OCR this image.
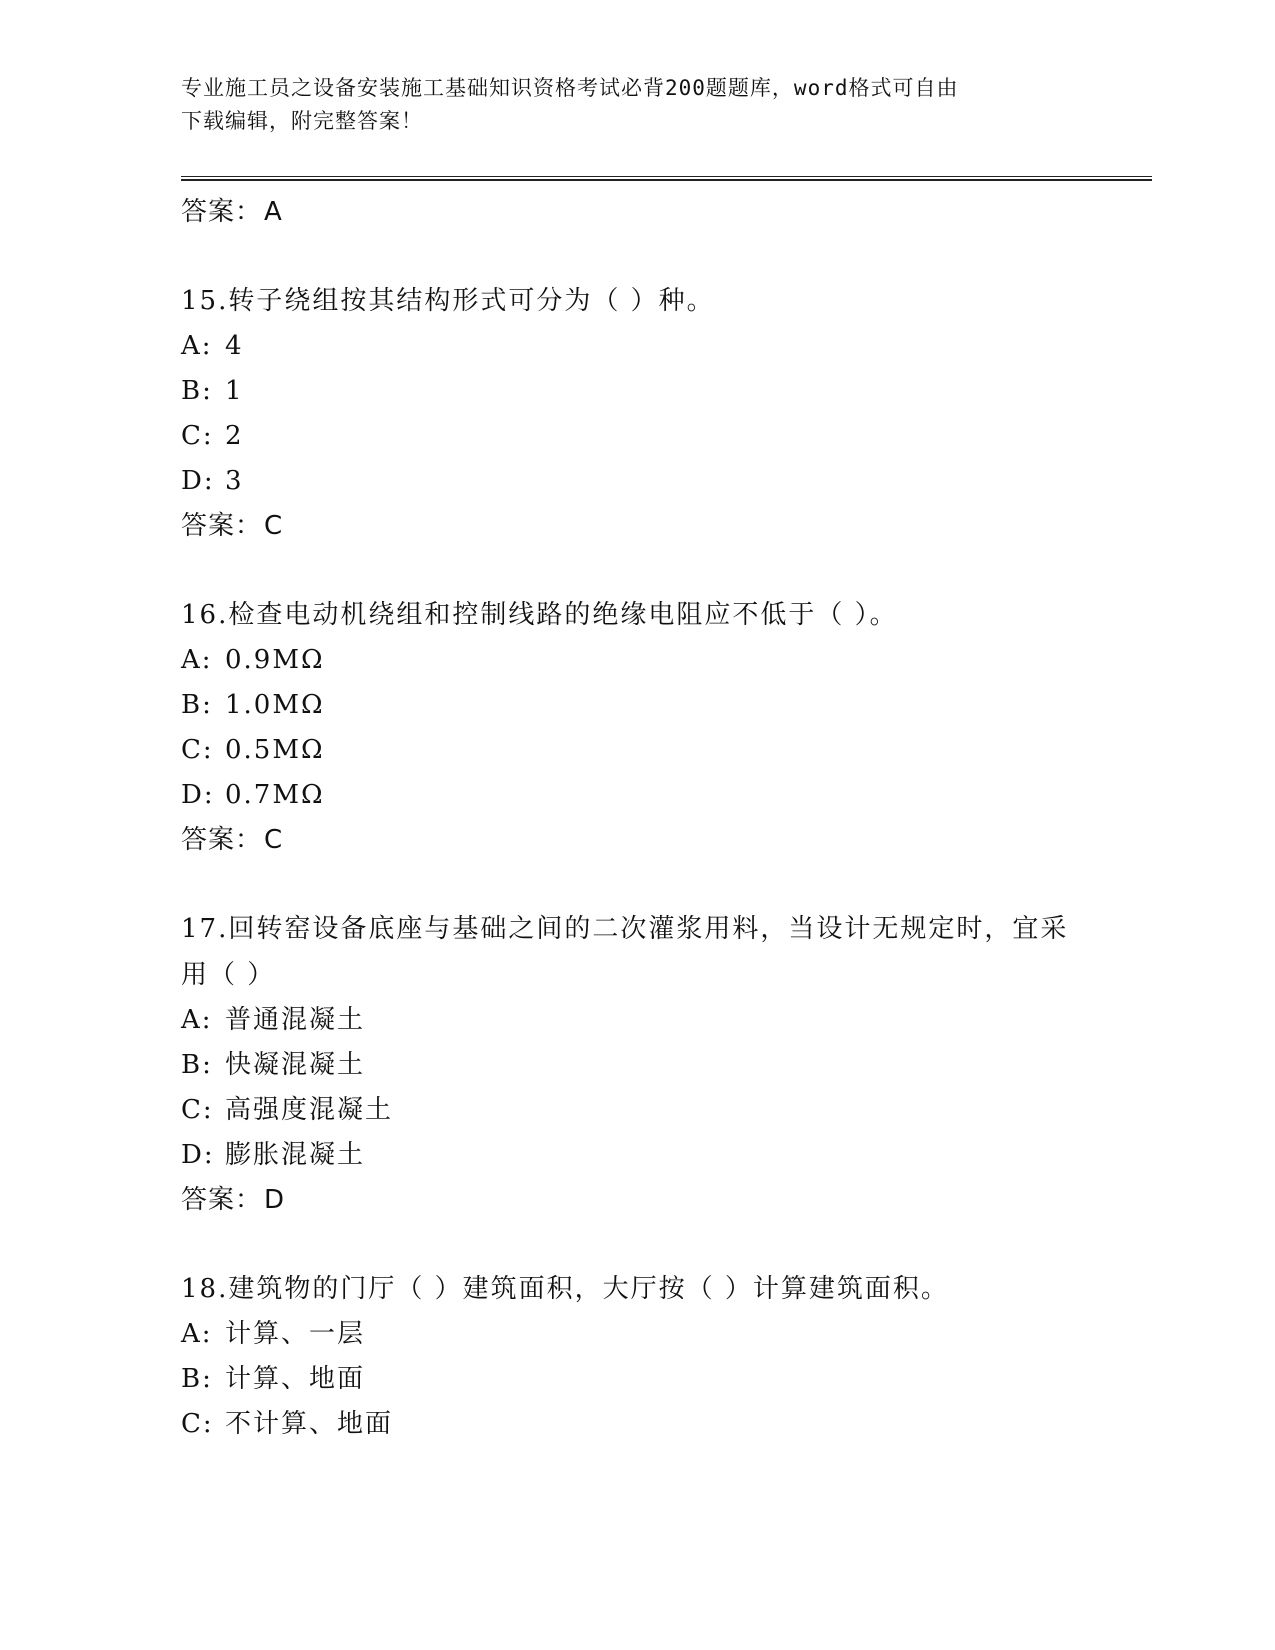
专业施工员之设备安装施工基础知识资格考试必背200题题库，word格式可自由
下载编辑，附完整答案！
答案：A
15.转子绕组按其结构形式可分为（ ）种。
A: 4
B: 1
C: 2
D: 3
答案：C
16.检查电动机绕组和控制线路的绝缘电阻应不低于（ ）。
A: 0.9MΩ
B: 1.0MΩ
C: 0.5MΩ
D: 0.7MΩ
答案：C
17.回转窑设备底座与基础之间的二次灌浆用料，当设计无规定时，宜采用（ ）
A: 普通混凝土
B: 快凝混凝土
C: 高强度混凝土
D: 膨胀混凝土
答案：D
18.建筑物的门厅（ ）建筑面积，大厅按（ ）计算建筑面积。
A: 计算、一层
B: 计算、地面
C: 不计算、地面
